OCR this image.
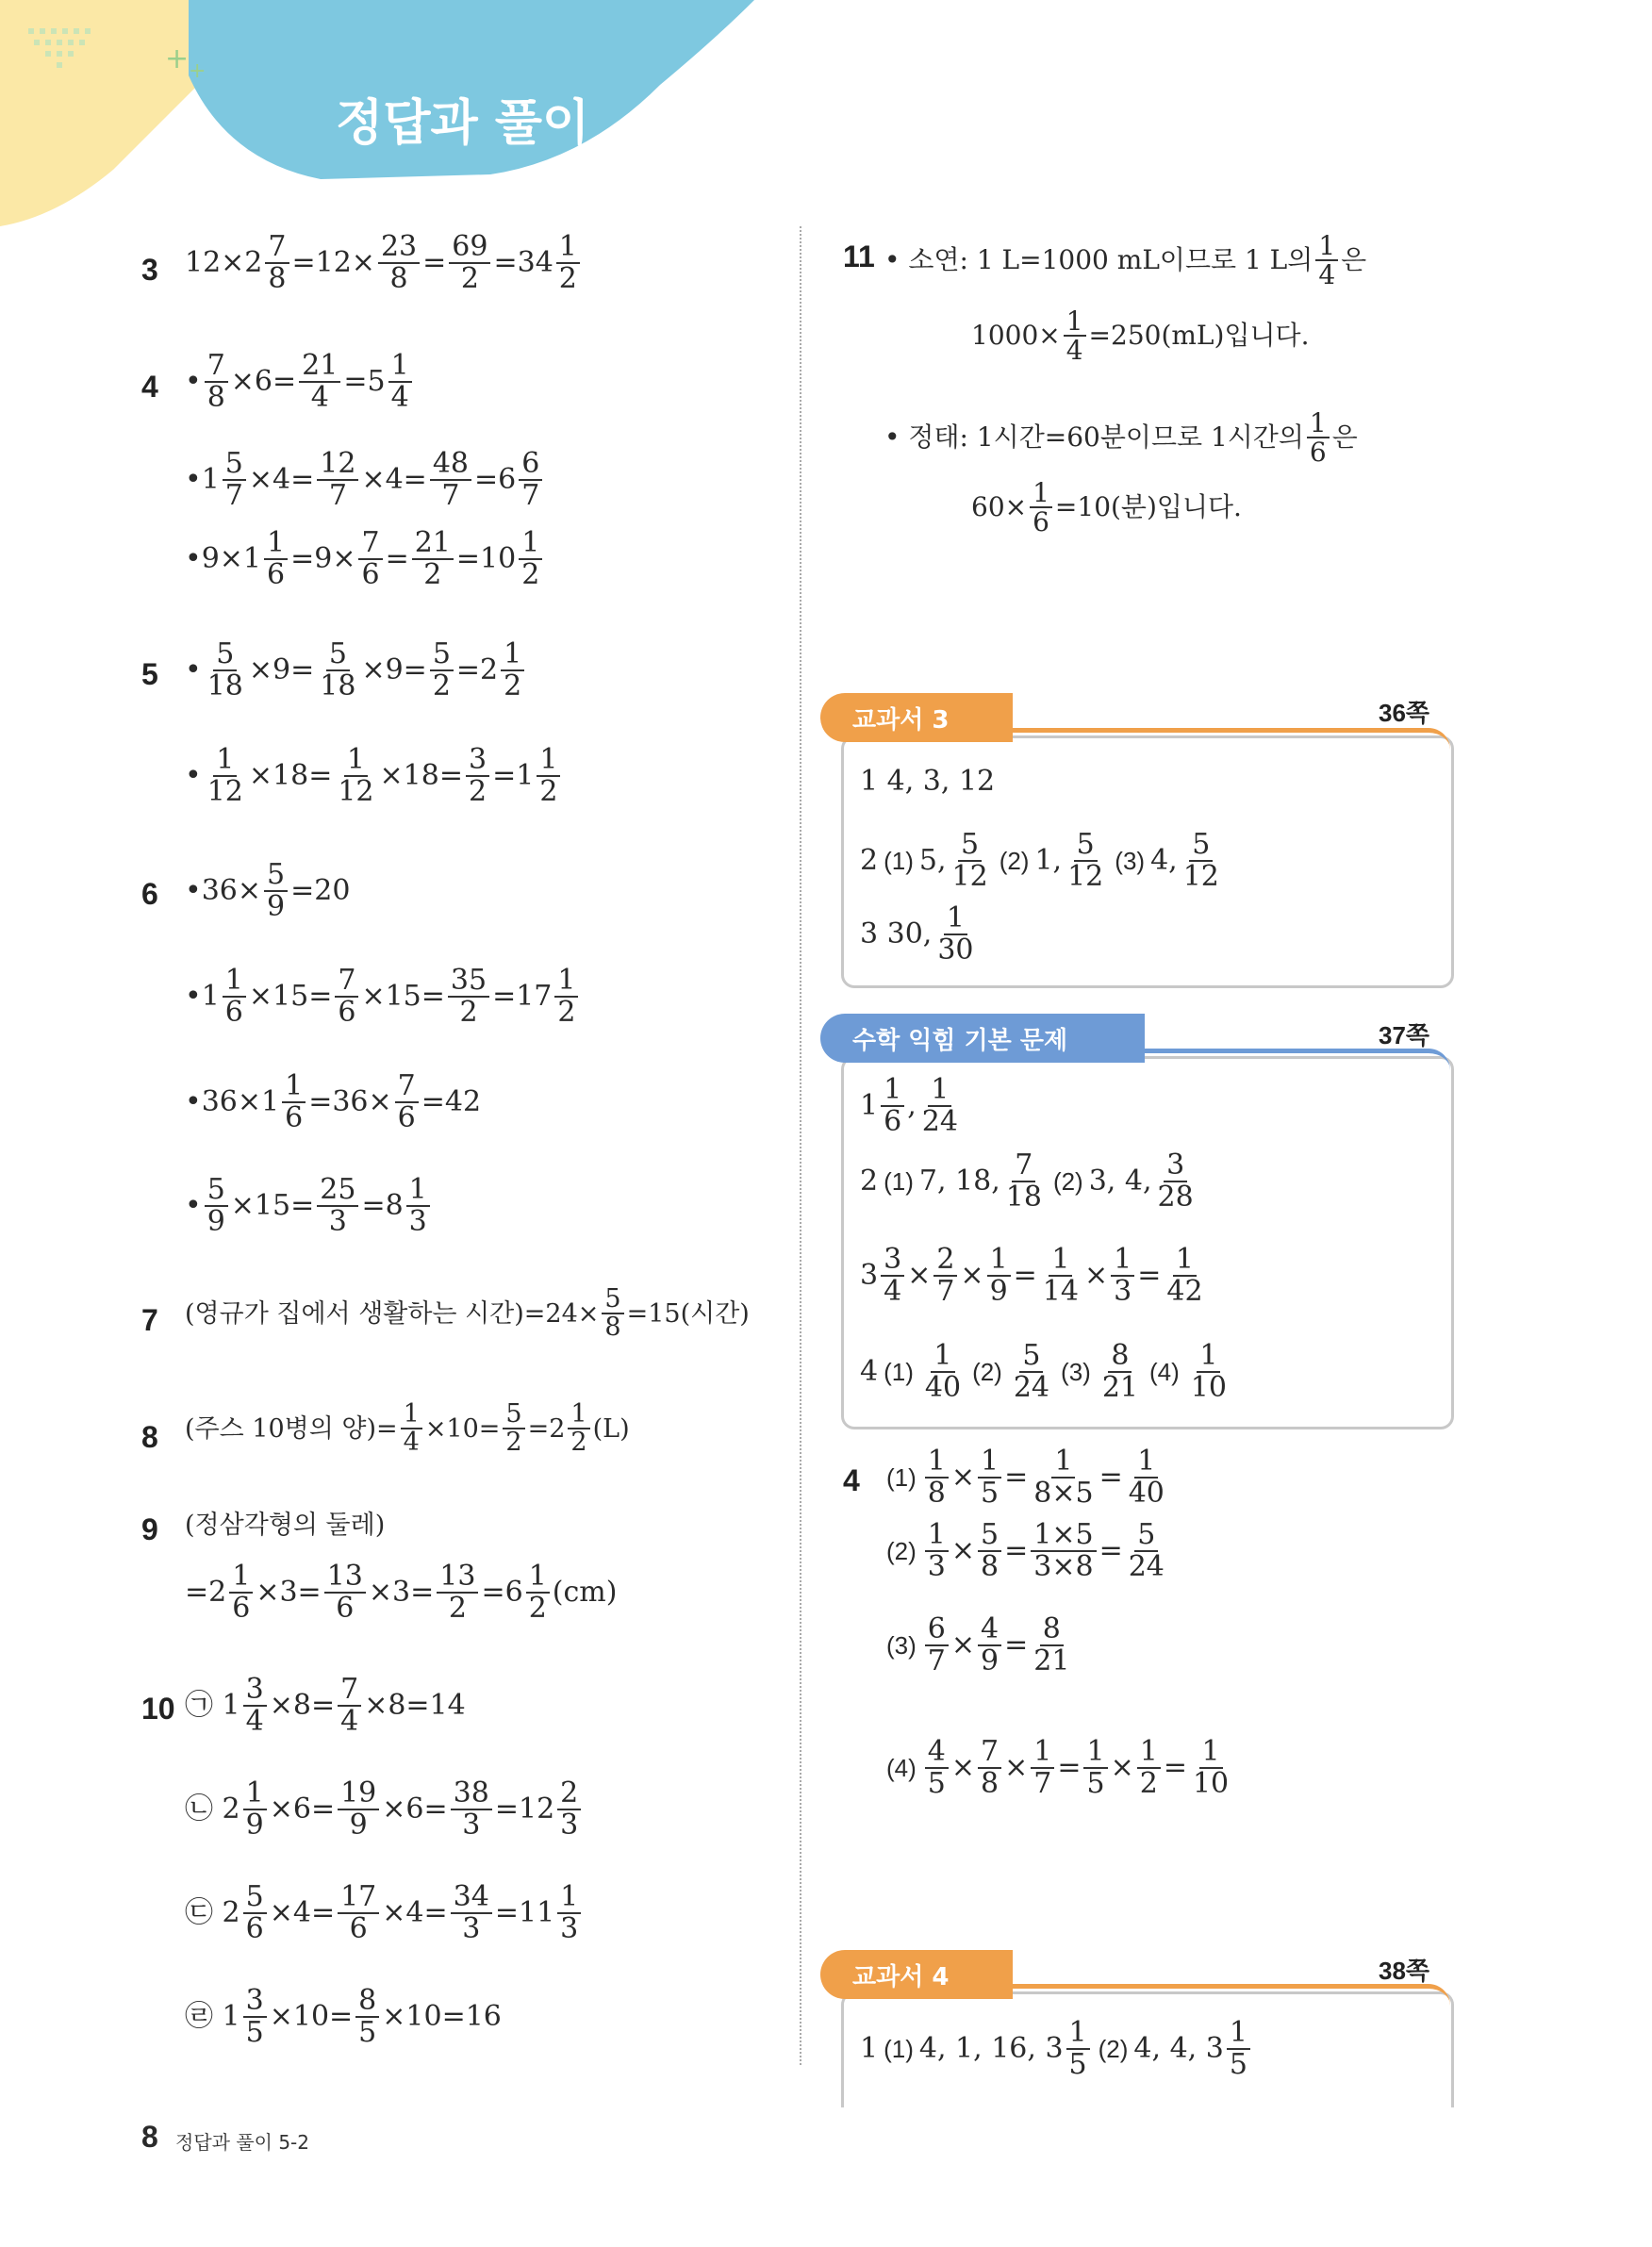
+ +
정답과 풀이
3 $12\times 2 \frac{7}{8} =12\times \frac{23}{8} = \frac{69}{2} =34 \frac{1}{2}$
4 • $\frac{7}{8} \times 6= \frac{21}{4} =5 \frac{1}{4}$
•1 $\frac{5}{7} \times 4= \frac{12}{7} \times 4= \frac{48}{7} =6 \frac{6}{7}$
•9×1 $\frac{1}{6} =9\times \frac{7}{6} = \frac{21}{2} =10 \frac{1}{2}$
5 • $\frac{5}{18} \times 9= \frac{5}{18} \times 9= \frac{5}{2} =2 \frac{1}{2}$
• $\frac{1}{12} \times 18= \frac{1}{12} \times 18= \frac{3}{2} =1 \frac{1}{2}$
6 •36× $\frac{5}{9} =20$
•1 $\frac{1}{6} \times 15= \frac{7}{6} \times 15= \frac{35}{2} =17 \frac{1}{2}$
•36×1 $\frac{1}{6} =36\times \frac{7}{6} =42$
• $\frac{5}{9} \times 15= \frac{25}{3} =8 \frac{1}{3}$
7 (영규가 집에서 생활하는 시간)$=24\times \frac{5}{8} =15$(시간)
8 (주스 10병의 양)= $\frac{1}{4} \times 10= \frac{5}{2} =2 \frac{1}{2} (L)$
9 (정삼각형의 둘레)
$=2 \frac{1}{6} \times 3= \frac{13}{6} \times 3= \frac{13}{2} =6 \frac{1}{2} (cm)$
10 ㉠ $1 \frac{3}{4} \times 8= \frac{7}{4} \times 8=14$
㉡ $2 \frac{1}{9} \times 6= \frac{19}{9} \times 6= \frac{38}{3} =12 \frac{2}{3}$
㉢ $2 \frac{5}{6} \times 4= \frac{17}{6} \times 4= \frac{34}{3} =11 \frac{1}{3}$
㉣ $1 \frac{3}{5} \times 10= \frac{8}{5} \times 10=16$
11 • 소연: 1 L=1000 mL이므로 1 L의 $\frac{1}{4}$ 은
$1000\times \frac{1}{4} =250(mL)$입니다.
• 정태: 1시간=60분이므로 1시간의 $\frac{1}{6}$ 은
$60\times \frac{1}{6} =10$(분)입니다.
교과서 3	36쪽
1 4, 3, 12
2 (1) 5, $\frac{5}{12} (2)$ 1, $\frac{5}{12} (3)$ 4, $\frac{5}{12}$
3 30, $\frac{1}{30}$
수학 익힘 기본 문제	37쪽
$1 \frac{1}{6}$ , $\frac{1}{24}$
2 (1) 7, 18, $\frac{7}{18} (2)$ 3, 4, $\frac{3}{28}$
$3 \frac{3}{4} \times \frac{2}{7} \times \frac{1}{9} = \frac{1}{14} \times \frac{1}{3} = \frac{1}{42}$
4 $(1) \frac{1}{40} (2) \frac{5}{24} (3) \frac{8}{21} (4) \frac{1}{10}$
4 $(1) \frac{1}{8} \times \frac{1}{5} = \frac{1}{8\times 5} = \frac{1}{40}$
$(2) \frac{1}{3} \times \frac{5}{8} = \frac{1\times 5}{3\times 8} = \frac{5}{24}$
$(3) \frac{6}{7} \times \frac{4}{9} = \frac{8}{21}$
$(4) \frac{4}{5} \times \frac{7}{8} \times \frac{1}{7} = \frac{1}{5} \times \frac{1}{2} = \frac{1}{10}$
교과서 4	38쪽
1 (1) 4, 1, 16, $3 \frac{1}{5} (2)$ 4, 4, $3 \frac{1}{5}$
8 정답과 풀이 5-2
